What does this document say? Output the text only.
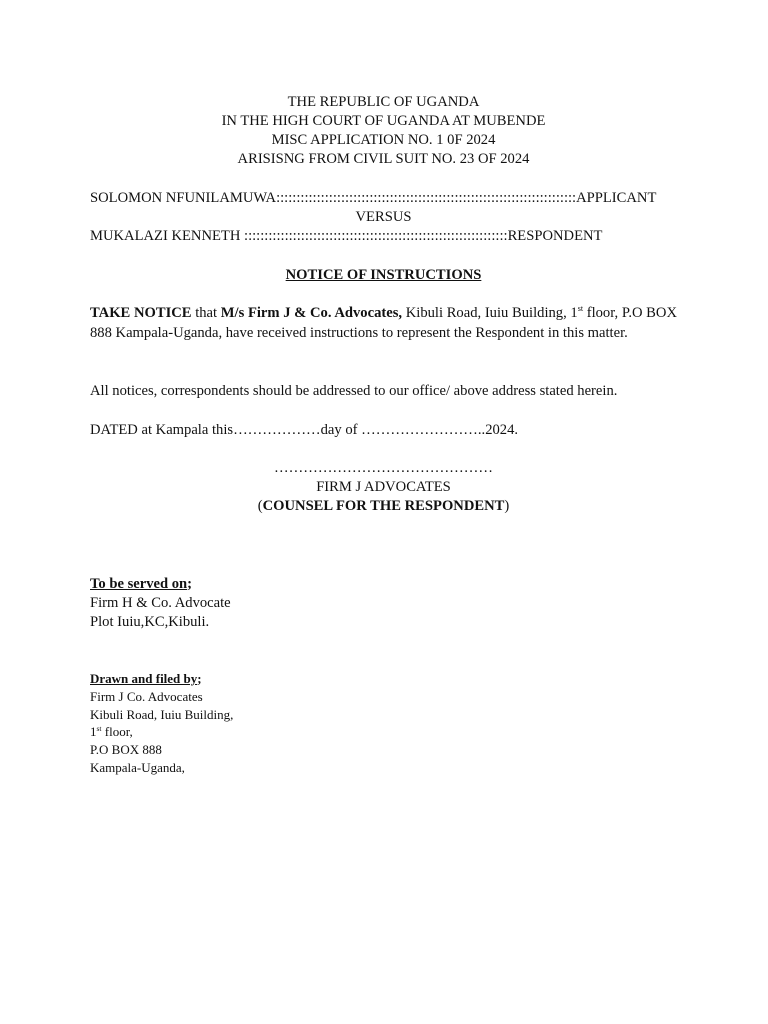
THE REPUBLIC OF UGANDA

IN THE HIGH COURT OF UGANDA AT MUBENDE

MISC APPLICATION NO. 1 0F 2024

ARISISNG FROM CIVIL SUIT NO. 23 OF 2024

SOLOMON NFUNILAMUWA::::::::::::::::::::::::::::::::::::::::::::::::::::::::::::::::::::::::::APPLICANT

VERSUS

MUKALAZI KENNETH :::::::::::::::::::::::::::::::::::::::::::::::::::::::::::::::::RESPONDENT

NOTICE OF INSTRUCTIONS

TAKE NOTICE that M/s Firm J & Co. Advocates, Kibuli Road, Iuiu Building, 1st floor, P.O BOX 888 Kampala-Uganda, have received instructions to represent the Respondent in this matter.

All notices, correspondents should be addressed to our office/ above address stated herein.

DATED at Kampala this………………day of ……………………..2024.

………………………………………

FIRM J ADVOCATES

(COUNSEL FOR THE RESPONDENT)

To be served on;

Firm H & Co. Advocate

Plot Iuiu,KC,Kibuli.

Drawn and filed by;

Firm J Co. Advocates

Kibuli Road, Iuiu Building,

1st floor,

P.O BOX 888

Kampala-Uganda,
